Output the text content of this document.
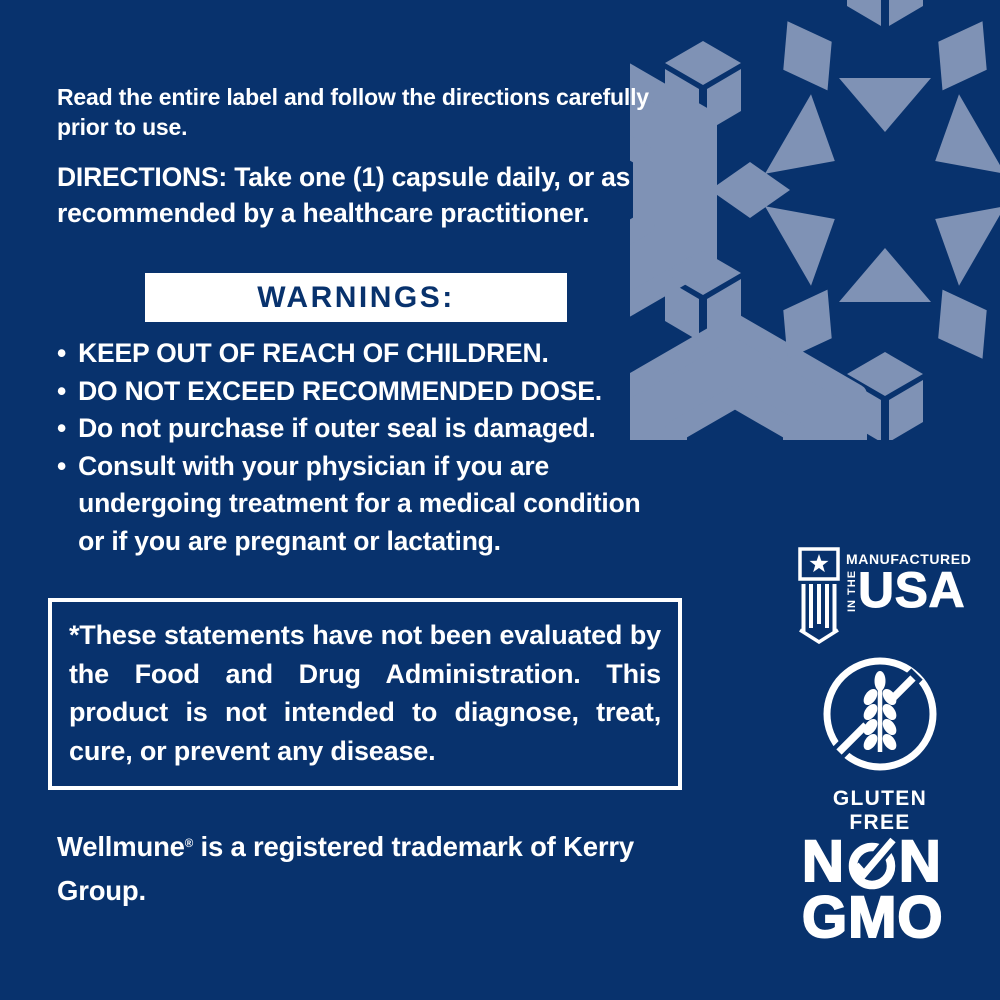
Read the entire label and follow the directions carefully prior to use.

DIRECTIONS: Take one (1) capsule daily, or as recommended by a healthcare practitioner.

WARNINGS:
• KEEP OUT OF REACH OF CHILDREN.
• DO NOT EXCEED RECOMMENDED DOSE.
• Do not purchase if outer seal is damaged.
• Consult with your physician if you are undergoing treatment for a medical condition or if you are pregnant or lactating.
*These statements have not been evaluated by the Food and Drug Administration. This product is not intended to diagnose, treat, cure, or prevent any disease.

Wellmune® is a registered trademark of Kerry Group.

MANUFACTURED
IN THE USA
GLUTEN FREE
N N
GMO
